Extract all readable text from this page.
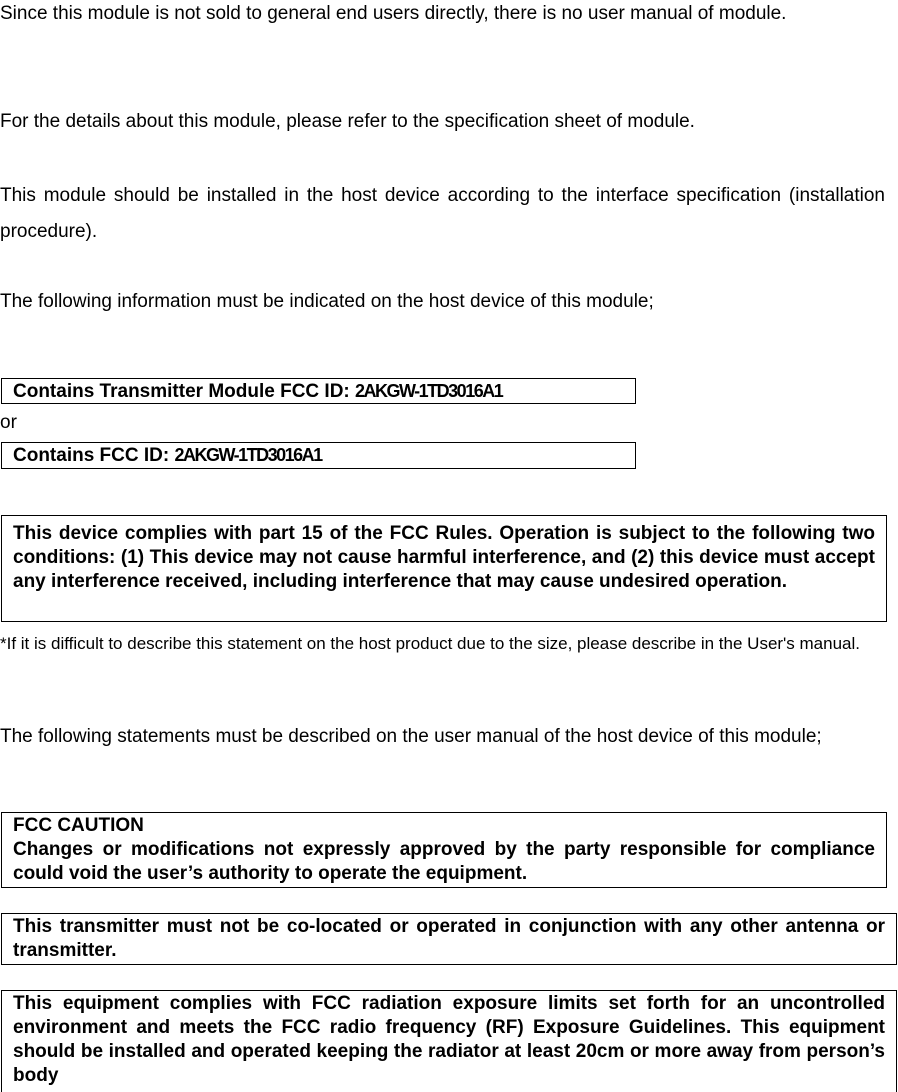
Since this module is not sold to general end users directly, there is no user manual of module.

For the details about this module, please refer to the specification sheet of module.

This module should be installed in the host device according to the interface specification (installation procedure).

The following information must be indicated on the host device of this module;

Contains Transmitter Module FCC ID: 2AKGW-1TD3016A1

or

Contains FCC ID: 2AKGW-1TD3016A1
This device complies with part 15 of the FCC Rules. Operation is subject to the following two conditions: (1) This device may not cause harmful interference, and (2) this device must accept any interference received, including interference that may cause undesired operation.

*If it is difficult to describe this statement on the host product due to the size, please describe in the User's manual.

The following statements must be described on the user manual of the host device of this module;

FCC CAUTION
Changes or modifications not expressly approved by the party responsible for compliance could void the user’s authority to operate the equipment.
This transmitter must not be co-located or operated in conjunction with any other antenna or transmitter.
This equipment complies with FCC radiation exposure limits set forth for an uncontrolled environment and meets the FCC radio frequency (RF) Exposure Guidelines. This equipment should be installed and operated keeping the radiator at least 20cm or more away from person’s body
